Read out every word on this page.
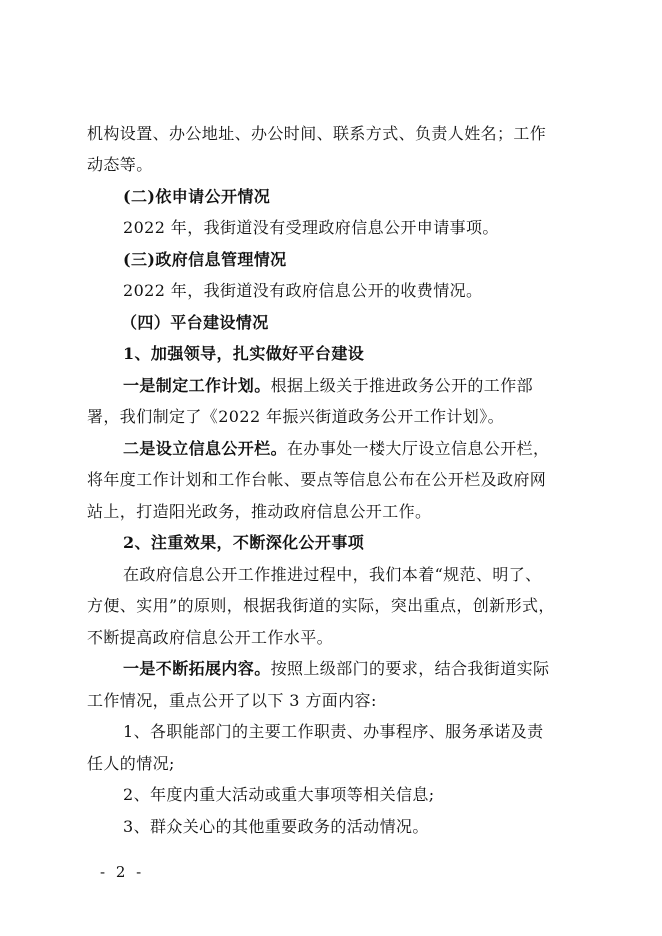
机构设置、办公地址、办公时间、联系方式、负责人姓名；工作
动态等。
(二)依申请公开情况
2022 年，我街道没有受理政府信息公开申请事项。
(三)政府信息管理情况
2022 年，我街道没有政府信息公开的收费情况。
（四）平台建设情况
1、加强领导，扎实做好平台建设
一是制定工作计划。根据上级关于推进政务公开的工作部
署，我们制定了《2022 年振兴街道政务公开工作计划》。
二是设立信息公开栏。在办事处一楼大厅设立信息公开栏，
将年度工作计划和工作台帐、要点等信息公布在公开栏及政府网
站上，打造阳光政务，推动政府信息公开工作。
2、注重效果，不断深化公开事项
在政府信息公开工作推进过程中，我们本着“规范、明了、
方便、实用”的原则，根据我街道的实际，突出重点，创新形式，
不断提高政府信息公开工作水平。
一是不断拓展内容。按照上级部门的要求，结合我街道实际
工作情况，重点公开了以下 3 方面内容:
1、各职能部门的主要工作职责、办事程序、服务承诺及责
任人的情况;
2、年度内重大活动或重大事项等相关信息;
3、群众关心的其他重要政务的活动情况。
- 2 -
